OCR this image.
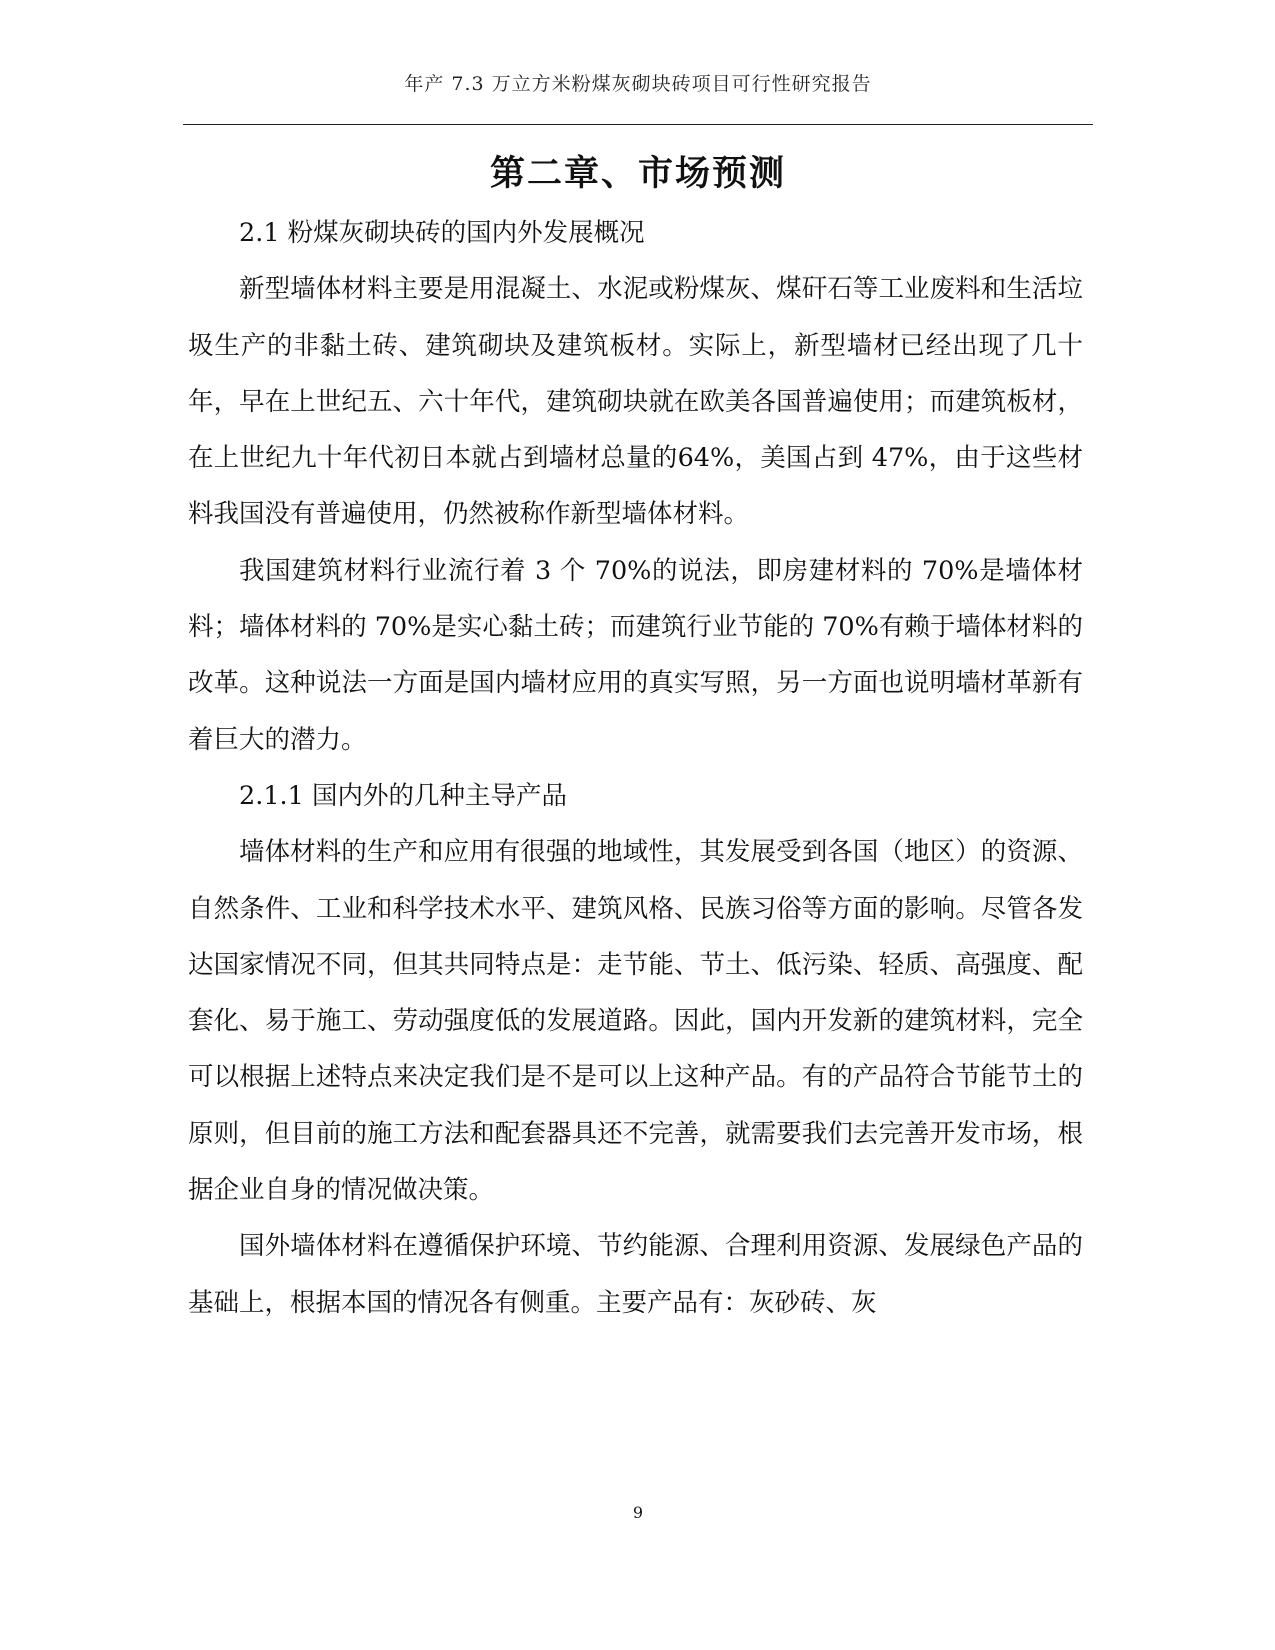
年产 7.3 万立方米粉煤灰砌块砖项目可行性研究报告
第二章、市场预测

2.1 粉煤灰砌块砖的国内外发展概况

新型墙体材料主要是用混凝土、水泥或粉煤灰、煤矸石等工业废料和生活垃圾生产的非黏土砖、建筑砌块及建筑板材。实际上，新型墙材已经出现了几十年，早在上世纪五、六十年代，建筑砌块就在欧美各国普遍使用；而建筑板材，在上世纪九十年代初日本就占到墙材总量的64%，美国占到 47%，由于这些材料我国没有普遍使用，仍然被称作新型墙体材料。

我国建筑材料行业流行着 3 个 70%的说法，即房建材料的 70%是墙体材料；墙体材料的 70%是实心黏土砖；而建筑行业节能的 70%有赖于墙体材料的改革。这种说法一方面是国内墙材应用的真实写照，另一方面也说明墙材革新有着巨大的潜力。

2.1.1 国内外的几种主导产品

墙体材料的生产和应用有很强的地域性，其发展受到各国（地区）的资源、自然条件、工业和科学技术水平、建筑风格、民族习俗等方面的影响。尽管各发达国家情况不同，但其共同特点是：走节能、节土、低污染、轻质、高强度、配套化、易于施工、劳动强度低的发展道路。因此，国内开发新的建筑材料，完全可以根据上述特点来决定我们是不是可以上这种产品。有的产品符合节能节土的原则，但目前的施工方法和配套器具还不完善，就需要我们去完善开发市场，根据企业自身的情况做决策。

国外墙体材料在遵循保护环境、节约能源、合理利用资源、发展绿色产品的基础上，根据本国的情况各有侧重。主要产品有：灰砂砖、灰

9
